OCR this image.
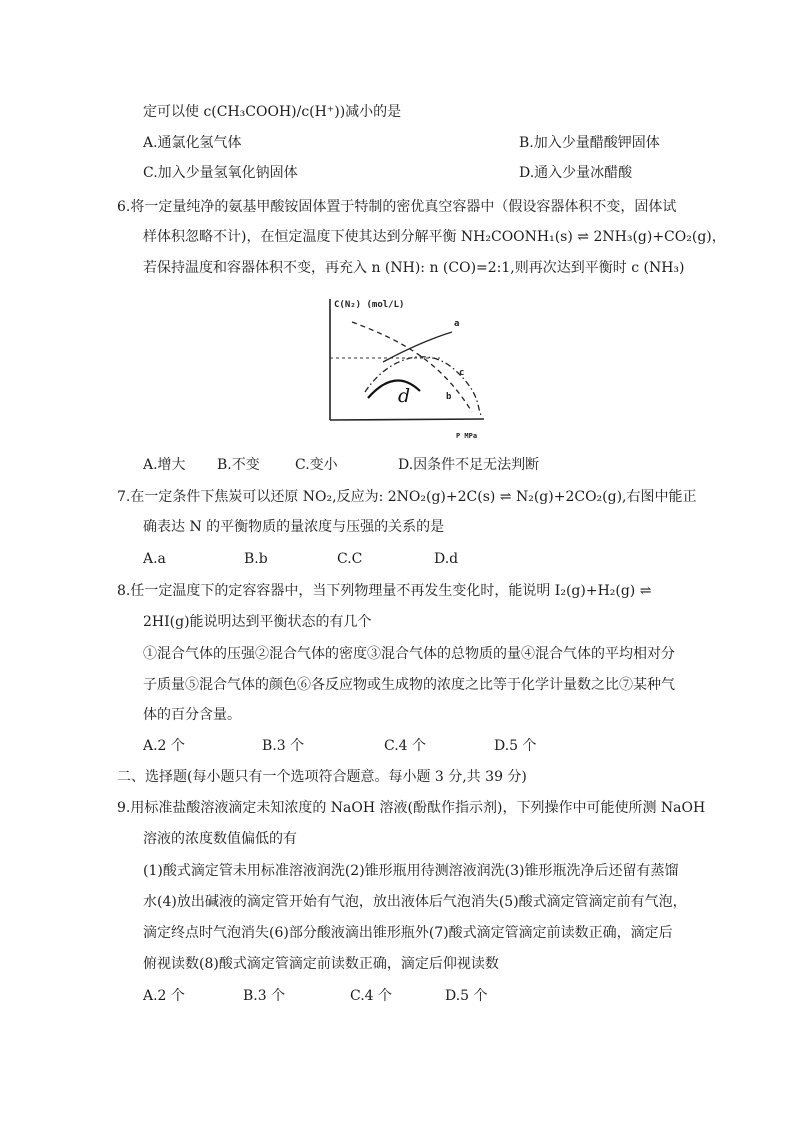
定可以使 c(CH₃COOH)/c(H⁺))减小的是
A.通氯化氢气体	B.加入少量醋酸钾固体
C.加入少量氢氧化钠固体	D.通入少量冰醋酸
6.将一定量纯净的氨基甲酸铵固体置于特制的密优真空容器中（假设容器体积不变，固体试
样体积忽略不计)，在恒定温度下使其达到分解平衡 NH₂COONH₁(s) ⇌ 2NH₃(g)+CO₂(g)，
若保持温度和容器体积不变，再充入 n (NH): n (CO)=2:1,则再次达到平衡时 c (NH₃)
C(N₂) (mol/L)
P MPa
a
b
c
d
A.增大 B.不变	C.变小	D.因条件不足无法判断
7.在一定条件下焦炭可以还原 NO₂,反应为: 2NO₂(g)+2C(s) ⇌ N₂(g)+2CO₂(g),右图中能正
确表达 N 的平衡物质的量浓度与压强的关系的是
A.a	B.b	C.C	D.d
8.任一定温度下的定容容器中，当下列物理量不再发生变化时，能说明 I₂(g)+H₂(g) ⇌
2HI(g)能说明达到平衡状态的有几个
①混合气体的压强②混合气体的密度③混合气体的总物质的量④混合气体的平均相对分
子质量⑤混合气体的颜色⑥各反应物或生成物的浓度之比等于化学计量数之比⑦某种气
体的百分含量。
A.2 个	B.3 个	C.4 个	D.5 个
二、选择题(每小题只有一个选项符合题意。每小题 3 分,共 39 分)
9.用标准盐酸溶液滴定未知浓度的 NaOH 溶液(酚酞作指示剂)，下列操作中可能使所测 NaOH
溶液的浓度数值偏低的有
(1)酸式滴定管未用标准溶液润洗(2)锥形瓶用待测溶液润洗(3)锥形瓶洗净后还留有蒸馏
水(4)放出碱液的滴定管开始有气泡，放出液体后气泡消失(5)酸式滴定管滴定前有气泡，
滴定终点时气泡消失(6)部分酸液滴出锥形瓶外(7)酸式滴定管滴定前读数正确，滴定后
俯视读数(8)酸式滴定管滴定前读数正确，滴定后仰视读数
A.2 个	B.3 个	C.4 个	D.5 个
